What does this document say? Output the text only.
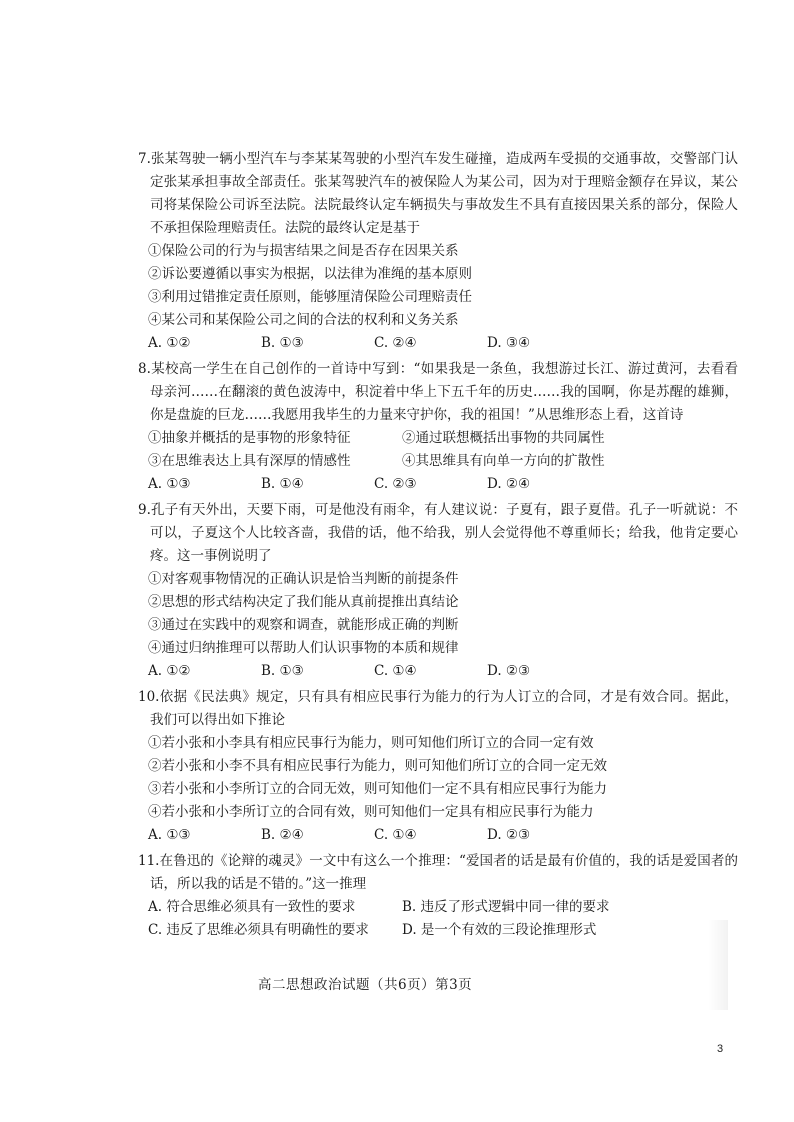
7.张某驾驶一辆小型汽车与李某某驾驶的小型汽车发生碰撞，造成两车受损的交通事故，交警部门认定张某承担事故全部责任。张某驾驶汽车的被保险人为某公司，因为对于理赔金额存在异议，某公司将某保险公司诉至法院。法院最终认定车辆损失与事故发生不具有直接因果关系的部分，保险人不承担保险理赔责任。法院的最终认定是基于

①保险公司的行为与损害结果之间是否存在因果关系

②诉讼要遵循以事实为根据，以法律为准绳的基本原则

③利用过错推定责任原则，能够厘清保险公司理赔责任

④某公司和某保险公司之间的合法的权利和义务关系

A. ①②	B. ①③	C. ②④	D. ③④

8.某校高一学生在自己创作的一首诗中写到：“如果我是一条鱼，我想游过长江、游过黄河，去看看母亲河……在翻滚的黄色波涛中，积淀着中华上下五千年的历史……我的国啊，你是苏醒的雄狮，你是盘旋的巨龙……我愿用我毕生的力量来守护你，我的祖国！”从思维形态上看，这首诗

①抽象并概括的是事物的形象特征	②通过联想概括出事物的共同属性
③在思维表达上具有深厚的情感性	④其思维具有向单一方向的扩散性
A. ①③	B. ①④	C. ②③	D. ②④

9.孔子有天外出，天要下雨，可是他没有雨伞，有人建议说：子夏有，跟子夏借。孔子一听就说：不可以，子夏这个人比较吝啬，我借的话，他不给我，别人会觉得他不尊重师长；给我，他肯定要心疼。这一事例说明了

①对客观事物情况的正确认识是恰当判断的前提条件

②思想的形式结构决定了我们能从真前提推出真结论

③通过在实践中的观察和调查，就能形成正确的判断

④通过归纳推理可以帮助人们认识事物的本质和规律

A. ①②	B. ①③	C. ①④	D. ②③

10.依据《民法典》规定，只有具有相应民事行为能力的行为人订立的合同，才是有效合同。据此，我们可以得出如下推论

①若小张和小李具有相应民事行为能力，则可知他们所订立的合同一定有效

②若小张和小李不具有相应民事行为能力，则可知他们所订立的合同一定无效

③若小张和小李所订立的合同无效，则可知他们一定不具有相应民事行为能力

④若小张和小李所订立的合同有效，则可知他们一定具有相应民事行为能力

A. ①③	B. ②④	C. ①④	D. ②③

11.在鲁迅的《论辩的魂灵》一文中有这么一个推理：“爱国者的话是最有价值的，我的话是爱国者的话，所以我的话是不错的。”这一推理

A. 符合思维必须具有一致性的要求	B. 违反了形式逻辑中同一律的要求
C. 违反了思维必须具有明确性的要求	D. 是一个有效的三段论推理形式
高二思想政治试题（共6页）第3页
3
